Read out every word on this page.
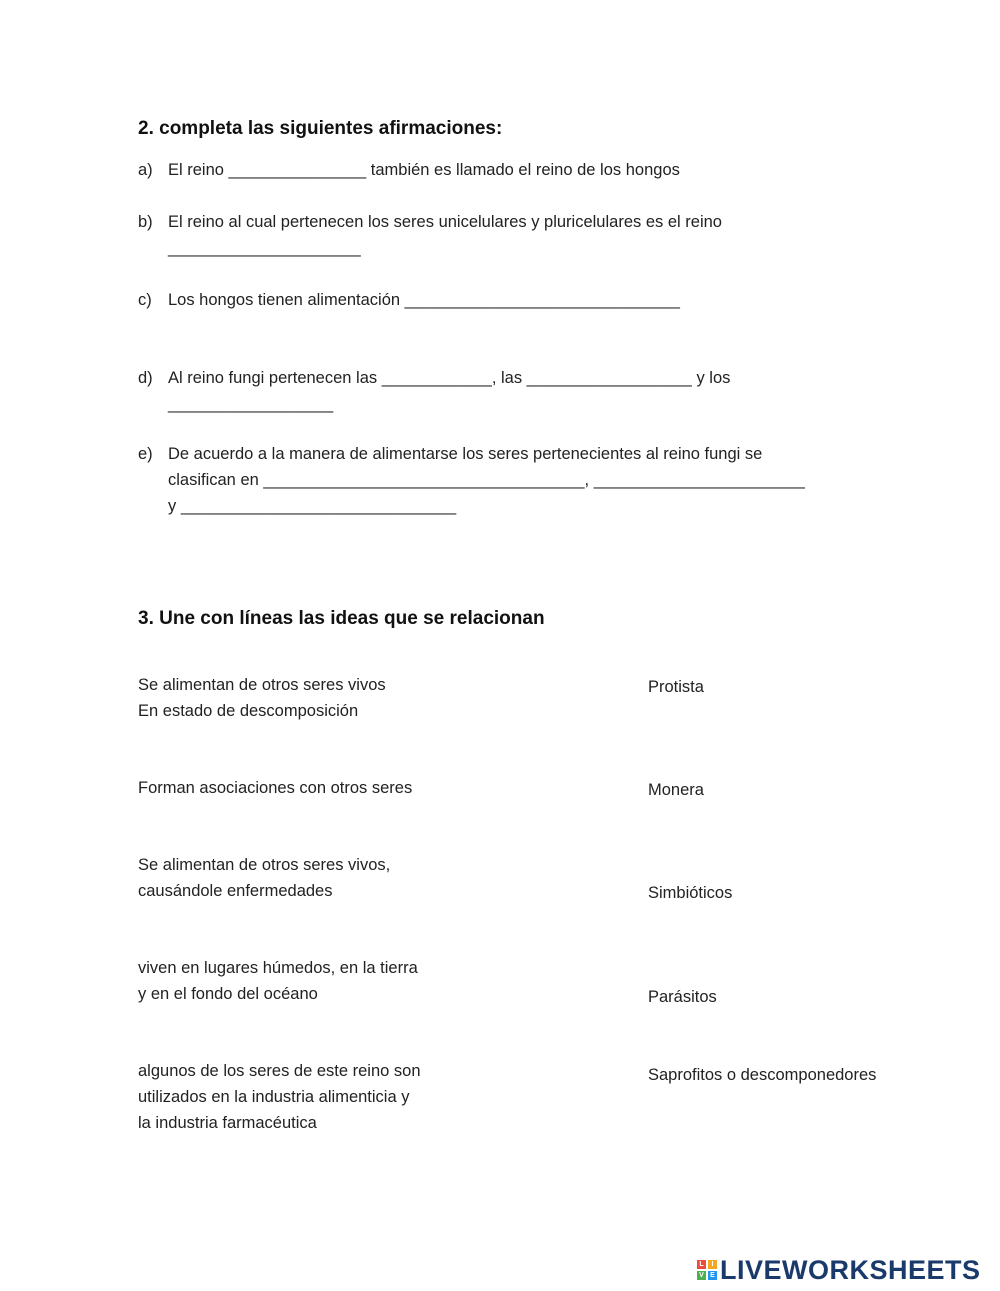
2. completa las siguientes afirmaciones:
a) El reino _______________ también es llamado el reino de los hongos
b) El reino al cual pertenecen los seres unicelulares y pluricelulares es el reino
_____________________
c) Los hongos tienen alimentación ______________________________
d) Al reino fungi pertenecen las ____________, las __________________ y los
__________________
e) De acuerdo a la manera de alimentarse los seres pertenecientes al reino fungi se
clasifican en ___________________________________, _______________________
y ______________________________
3. Une con líneas las ideas que se relacionan
Se alimentan de otros seres vivos
En estado de descomposición
Forman asociaciones con otros seres
Se alimentan de otros seres vivos,
causándole enfermedades
viven en lugares húmedos, en la tierra
y en el fondo del océano
algunos de los seres de este reino son
utilizados en la industria alimenticia y
la industria farmacéutica
Protista
Monera
Simbióticos
Parásitos
Saprofitos o descomponedores
L	I
V E LIVEWORKSHEETS
